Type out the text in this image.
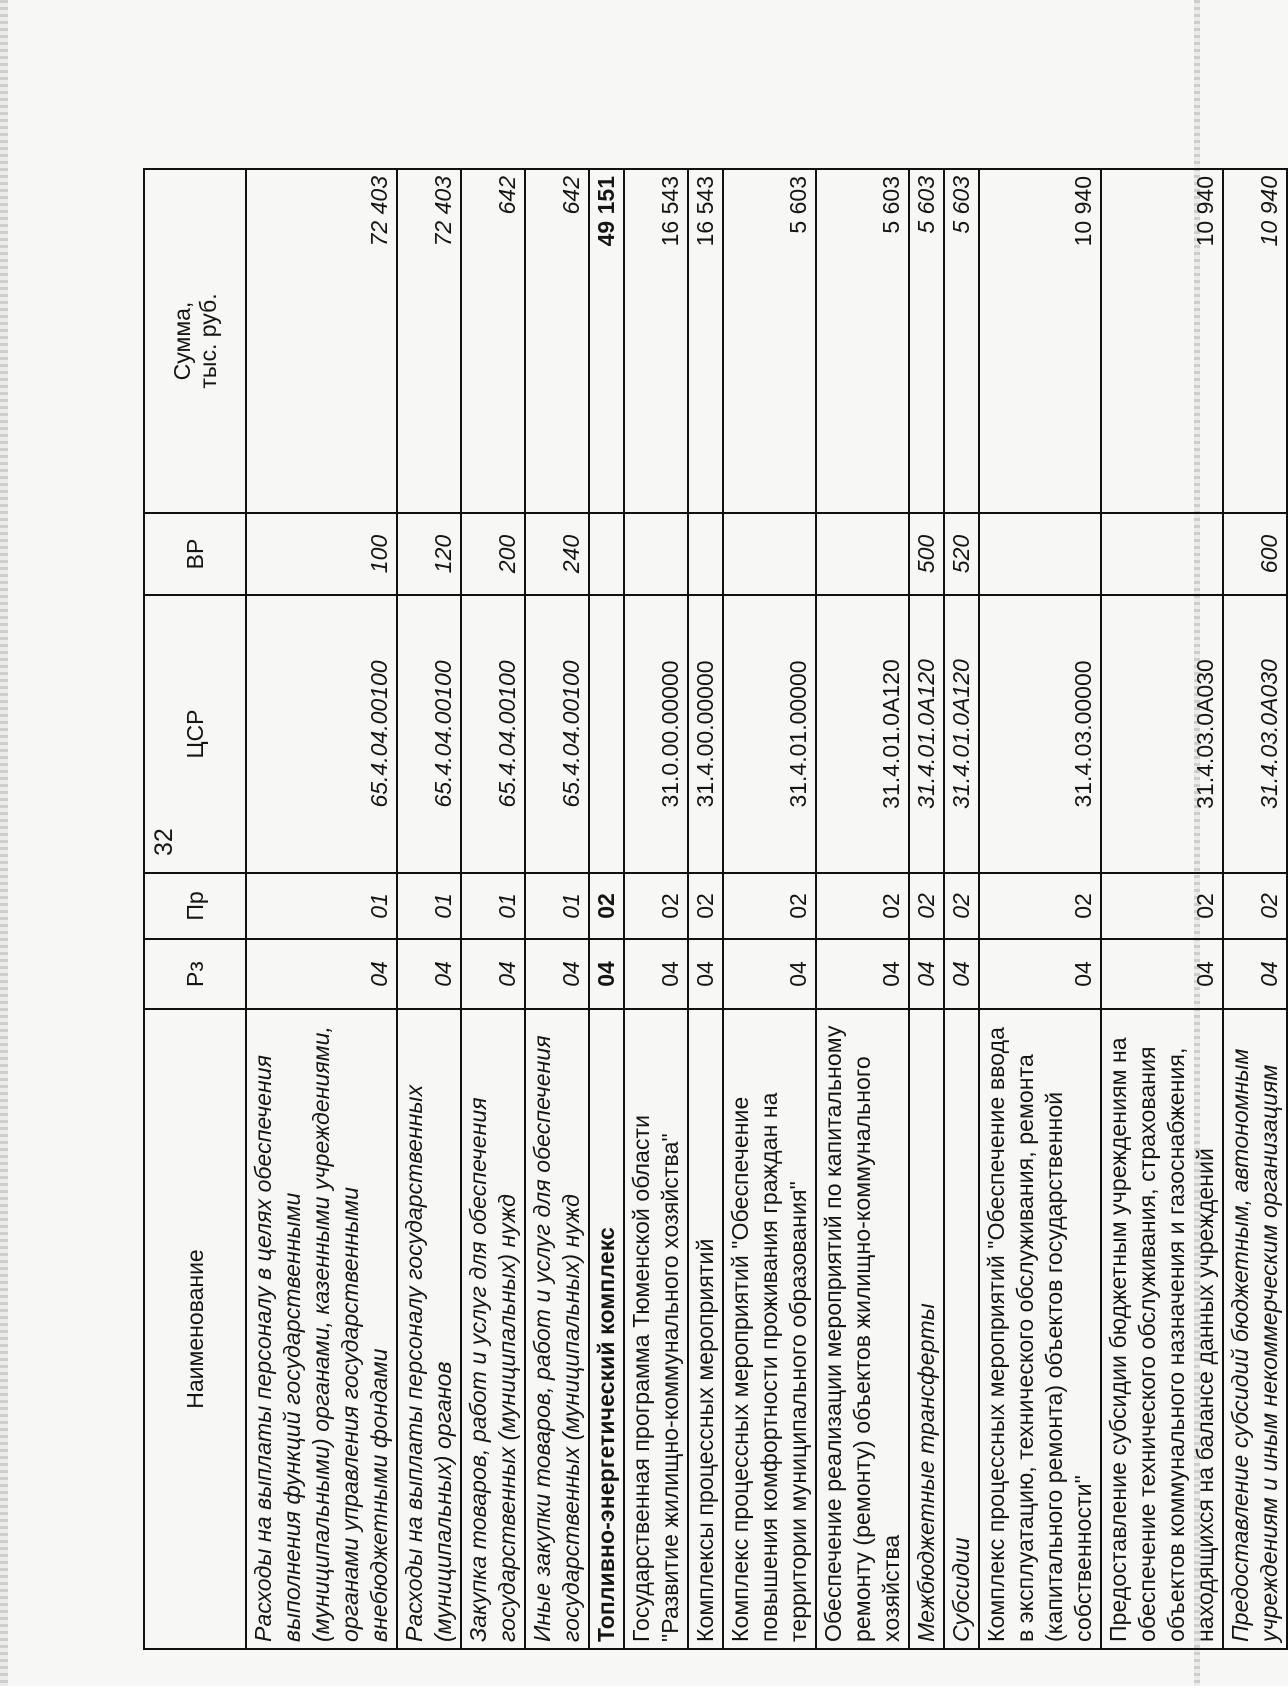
32
Наименование	Рз	Пр	ЦСР	ВР	Сумма,
тыс. руб.
Расходы на выплаты персоналу в целях обеспечения выполнения функций государственными (муниципальными) органами, казенными учреждениями, органами управления государственными внебюджетными фондами	04	01	65.4.04.00100	100	72 403
Расходы на выплаты персоналу государственных (муниципальных) органов	04	01	65.4.04.00100	120	72 403
Закупка товаров, работ и услуг для обеспечения государственных (муниципальных) нужд	04	01	65.4.04.00100	200	642
Иные закупки товаров, работ и услуг для обеспечения государственных (муниципальных) нужд	04	01	65.4.04.00100	240	642
Топливно-энергетический комплекс	04	02			49 151
Государственная программа Тюменской области "Развитие жилищно-коммунального хозяйства"	04	02	31.0.00.00000		16 543
Комплексы процессных мероприятий	04	02	31.4.00.00000		16 543
Комплекс процессных мероприятий "Обеспечение повышения комфортности проживания граждан на территории муниципального образования"	04	02	31.4.01.00000		5 603
Обеспечение реализации мероприятий по капитальному ремонту (ремонту) объектов жилищно-коммунального хозяйства	04	02	31.4.01.0А120		5 603
Межбюджетные трансферты	04	02	31.4.01.0А120	500	5 603
Субсидии	04	02	31.4.01.0А120	520	5 603
Комплекс процессных мероприятий "Обеспечение ввода в эксплуатацию, технического обслуживания, ремонта (капитального ремонта) объектов государственной собственности"	04	02	31.4.03.00000		10 940
Предоставление субсидии бюджетным учреждениям на обеспечение технического обслуживания, страхования объектов коммунального назначения и газоснабжения, находящихся на балансе данных учреждений	04	02	31.4.03.0А030		10 940
Предоставление субсидий бюджетным, автономным учреждениям и иным некоммерческим организациям	04	02	31.4.03.0А030	600	10 940
